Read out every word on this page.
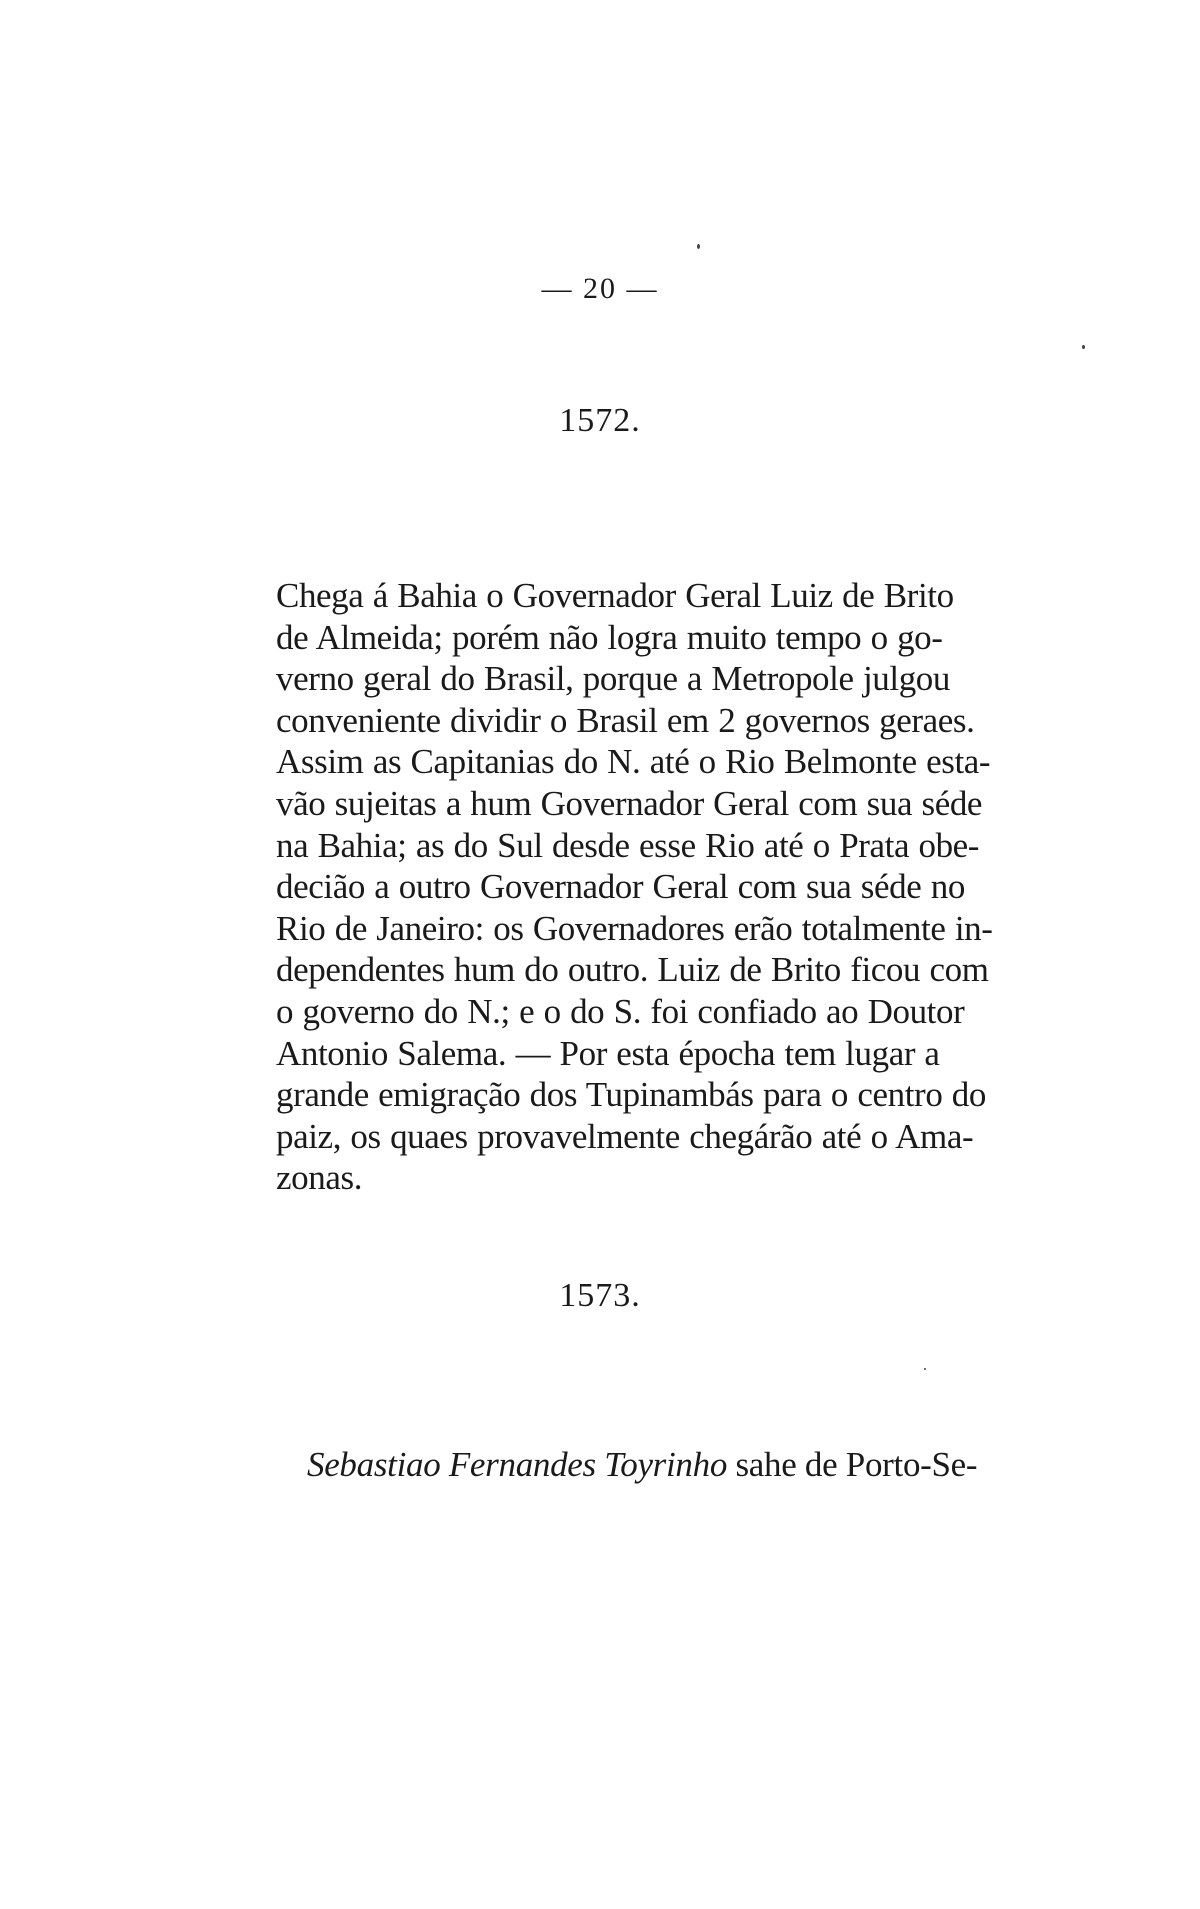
— 20 —
1572.
Chega á Bahia o Governador Geral Luiz de Brito
de Almeida; porém não logra muito tempo o go-
verno geral do Brasil, porque a Metropole julgou
conveniente dividir o Brasil em 2 governos geraes.
Assim as Capitanias do N. até o Rio Belmonte esta-
vão sujeitas a hum Governador Geral com sua séde
na Bahia; as do Sul desde esse Rio até o Prata obe-
decião a outro Governador Geral com sua séde no
Rio de Janeiro: os Governadores erão totalmente in-
dependentes hum do outro. Luiz de Brito ficou com
o governo do N.; e o do S. foi confiado ao Doutor
Antonio Salema. — Por esta épocha tem lugar a
grande emigração dos Tupinambás para o centro do
paiz, os quaes provavelmente chegárão até o Ama-
zonas.
1573.
Sebastiao Fernandes Toyrinho sahe de Porto-Se-
